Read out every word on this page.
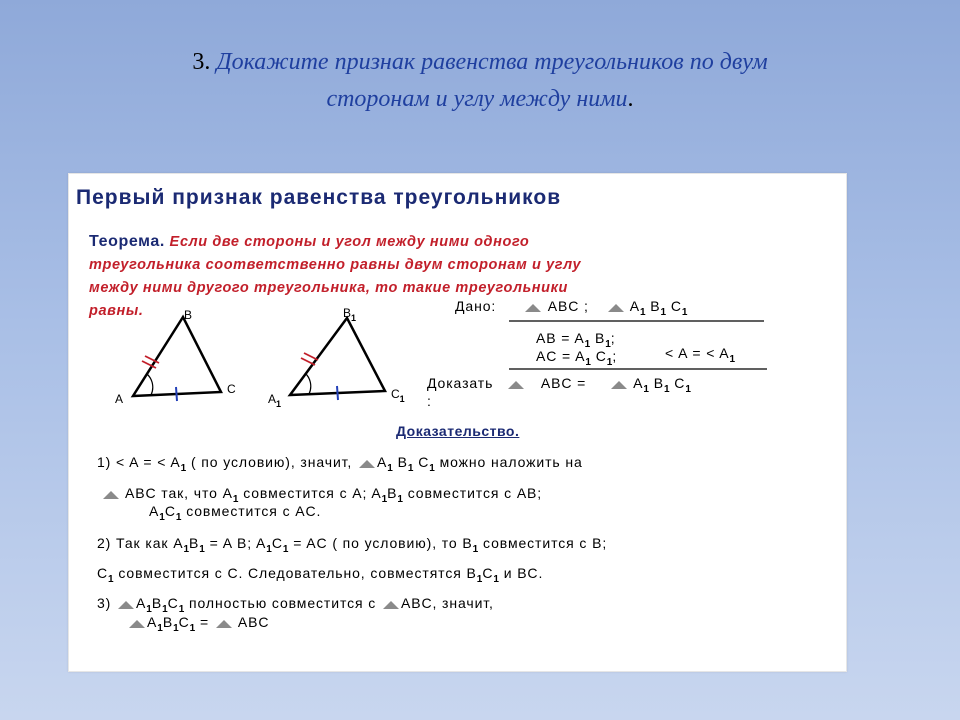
3. Докажите признак равенства треугольников по двум
сторонам и углу между ними.
Первый признак равенства треугольников
Теорема. Если две стороны и угол между ними одного
треугольника соответственно равны двум сторонам и углу
между ними другого треугольника, то такие треугольники
равны.
A
B
C
$A_1$
$B_1$
$C_1$
Дано:	ABC ;	$A_1$ $B_1$ $C_1$
AB = $A_1$ $B_1$;
AC = $A_1$ $C_1$;	< A = < $A_1$
Доказать	ABC =	$A_1$ $B_1$ $C_1$
:
Доказательство.
1) < A = < $A_1$ ( по условию), значит, $A_1$ $B_1$ $C_1$ можно наложить на
ABC так, что $A_1$ совместится с A; $A_1B_1$ совместится с AB;
$A_1C_1$ совместится с AC.
2) Так как $A_1B_1 = A$ B; $A_1C_1$ = AC ( по условию), то $B_1$ совместится с B;
$C_1$ совместится с C. Следовательно, совместятся $B_1C_1$ и BC.
3) $A_1B_1C_1$ полностью совместится с ABC, значит,
$A_1B_1C_1$ = ABC
